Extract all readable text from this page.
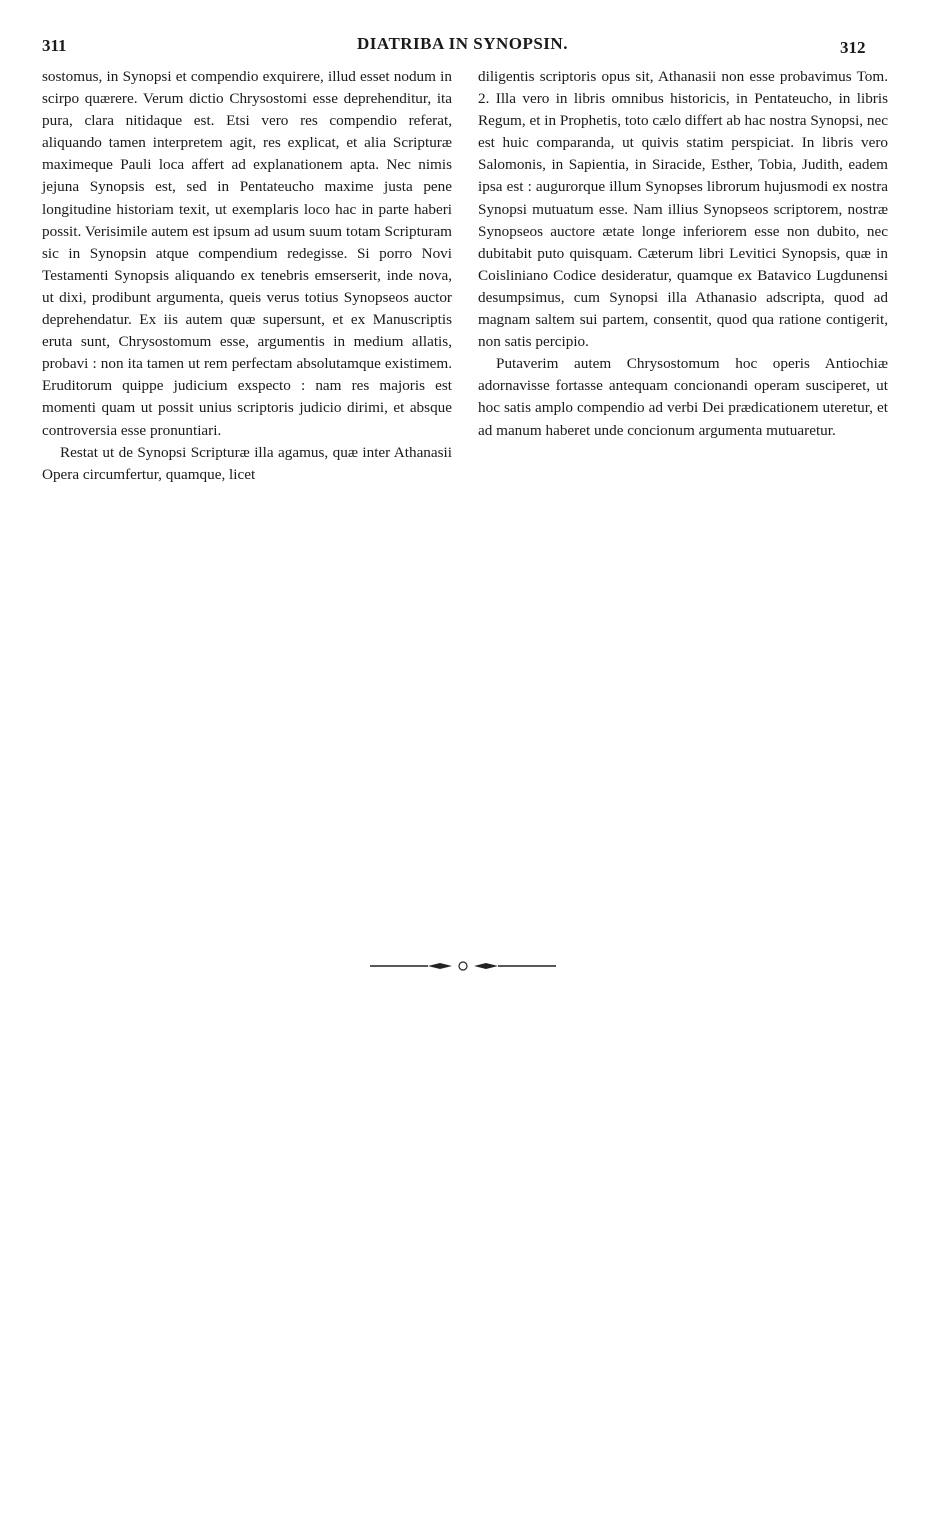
311	DIATRIBA IN SYNOPSIN.	312

sostomus, in Synopsi et compendio exquirere, illud esset nodum in scirpo quærere. Verum dictio Chrysostomi esse deprehenditur, ita pura, clara nitidaque est. Etsi vero res compendio referat, aliquando tamen interpretem agit, res explicat, et alia Scripturæ maximeque Pauli loca affert ad explanationem apta. Nec nimis jejuna Synopsis est, sed in Pentateucho maxime justa pene longitudine historiam texit, ut exemplaris loco hac in parte haberi possit. Verisimile autem est ipsum ad usum suum totam Scripturam sic in Synopsin atque compendium redegisse. Si porro Novi Testamenti Synopsis aliquando ex tenebris emserserit, inde nova, ut dixi, prodibunt argumenta, queis verus totius Synopseos auctor deprehendatur. Ex iis autem quæ supersunt, et ex Manuscriptis eruta sunt, Chrysostomum esse, argumentis in medium allatis, probavi : non ita tamen ut rem perfectam absolutamque existimem. Eruditorum quippe judicium exspecto : nam res majoris est momenti quam ut possit unius scriptoris judicio dirimi, et absque controversia esse pronuntiari.

Restat ut de Synopsi Scripturæ illa agamus, quæ inter Athanasii Opera circumfertur, quamque, licet

diligentis scriptoris opus sit, Athanasii non esse probavimus Tom. 2. Illa vero in libris omnibus historicis, in Pentateucho, in libris Regum, et in Prophetis, toto cælo differt ab hac nostra Synopsi, nec est huic comparanda, ut quivis statim perspiciat. In libris vero Salomonis, in Sapientia, in Siracide, Esther, Tobia, Judith, eadem ipsa est : augurorque illum Synopses librorum hujusmodi ex nostra Synopsi mutuatum esse. Nam illius Synopseos scriptorem, nostræ Synopseos auctore ætate longe inferiorem esse non dubito, nec dubitabit puto quisquam. Cæterum libri Levitici Synopsis, quæ in Coisliniano Codice desideratur, quamque ex Batavico Lugdunensi desumpsimus, cum Synopsi illa Athanasio adscripta, quod ad magnam saltem sui partem, consentit, quod qua ratione contigerit, non satis percipio.

Putaverim autem Chrysostomum hoc operis Antiochiæ adornavisse fortasse antequam concionandi operam susciperet, ut hoc satis amplo compendio ad verbi Dei prædicationem uteretur, et ad manum haberet unde concionum argumenta mutuaretur.
